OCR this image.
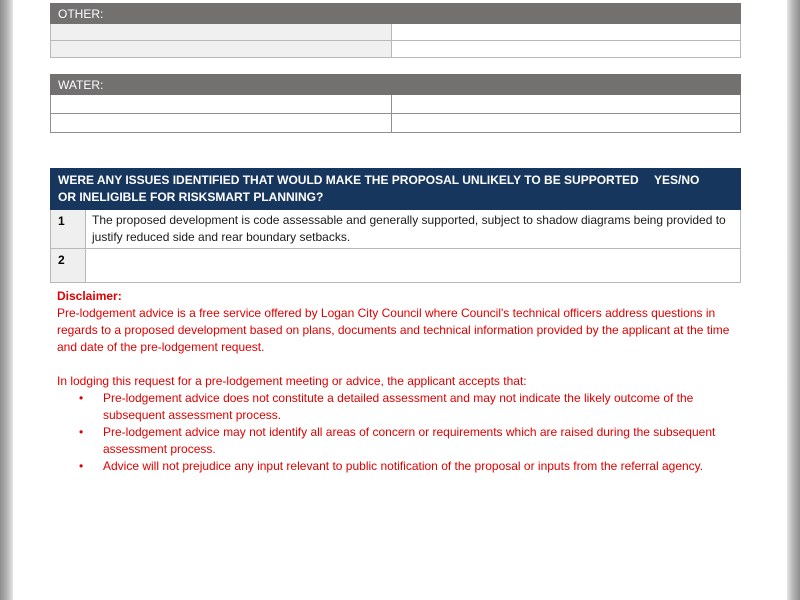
OTHER:	

WATER:	

WERE ANY ISSUES IDENTIFIED THAT WOULD MAKE THE PROPOSAL UNLIKELY TO BE SUPPORTED OR INELIGIBLE FOR RISKSMART PLANNING?		YES/NO
1	The proposed development is code assessable and generally supported, subject to shadow diagrams being provided to justify reduced side and rear boundary setbacks.	
2		

Disclaimer:

Pre-lodgement advice is a free service offered by Logan City Council where Council's technical officers address questions in regards to a proposed development based on plans, documents and technical information provided by the applicant at the time and date of the pre-lodgement request.

In lodging this request for a pre-lodgement meeting or advice, the applicant accepts that:

• Pre-lodgement advice does not constitute a detailed assessment and may not indicate the likely outcome of the subsequent assessment process.
• Pre-lodgement advice may not identify all areas of concern or requirements which are raised during the subsequent assessment process.
• Advice will not prejudice any input relevant to public notification of the proposal or inputs from the referral agency.
